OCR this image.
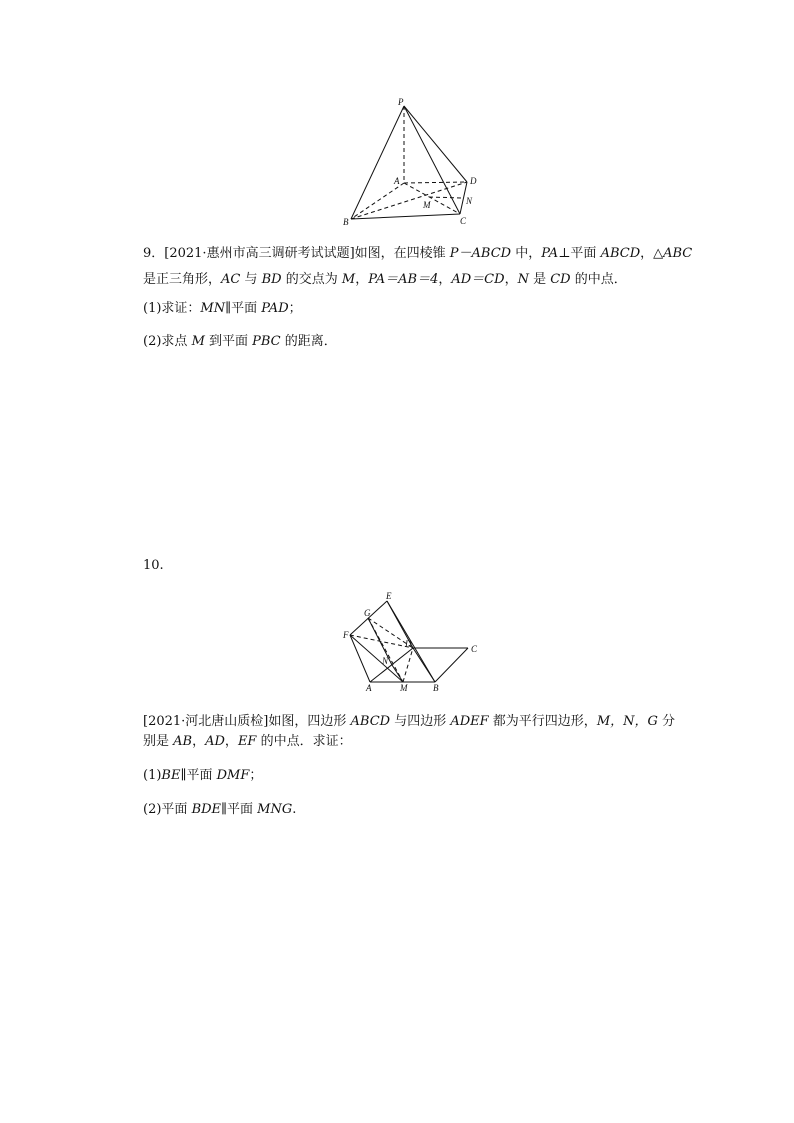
P
A
B	C
D
M	N
9．[2021·惠州市高三调研考试试题]如图，在四棱锥 P－ABCD 中，PA⊥平面 ABCD，△ABC
是正三角形，AC 与 BD 的交点为 M，PA＝AB＝4，AD＝CD，N 是 CD 的中点．
(1)求证：MN∥平面 PAD；
(2)求点 M 到平面 PBC 的距离．
10.
E
G
F
D	C
N
A	M	B
[2021·河北唐山质检]如图，四边形 ABCD 与四边形 ADEF 都为平行四边形，M，N，G 分
别是 AB，AD，EF 的中点．求证：
(1)BE∥平面 DMF；
(2)平面 BDE∥平面 MNG.
